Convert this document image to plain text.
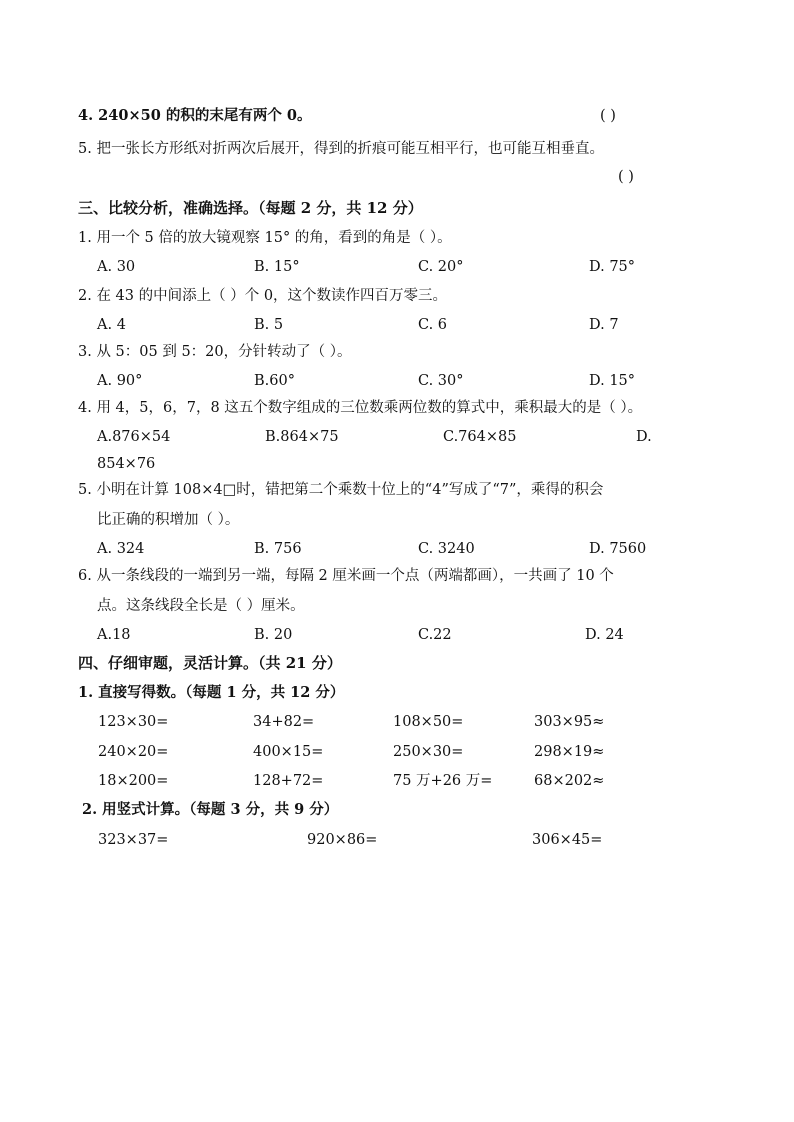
4. 240×50 的积的末尾有两个 0。	( )
5. 把一张长方形纸对折两次后展开，得到的折痕可能互相平行，也可能互相垂直。
( )
三、比较分析，准确选择。（每题 2 分，共 12 分）
1. 用一个 5 倍的放大镜观察 15° 的角，看到的角是（ ）。
A. 30	B. 15°	C. 20°	D. 75°
2. 在 43 的中间添上（ ）个 0，这个数读作四百万零三。
A. 4	B. 5	C. 6	D. 7
3. 从 5：05 到 5：20，分针转动了（ ）。
A. 90°	B.60°	C. 30°	D. 15°
4. 用 4，5，6，7，8 这五个数字组成的三位数乘两位数的算式中，乘积最大的是（ ）。
A.876×54	B.864×75	C.764×85	D.
854×76
5. 小明在计算 108×4□时，错把第二个乘数十位上的“4”写成了“7”，乘得的积会
比正确的积增加（ ）。
A. 324	B. 756	C. 3240	D. 7560
6. 从一条线段的一端到另一端，每隔 2 厘米画一个点（两端都画），一共画了 10 个
点。这条线段全长是（ ）厘米。
A.18	B. 20	C.22	D. 24
四、仔细审题，灵活计算。（共 21 分）
1. 直接写得数。（每题 1 分，共 12 分）
123×30=	34+82=	108×50=	303×95≈
240×20=	400×15=	250×30=	298×19≈
18×200=	128+72=	75 万+26 万=	68×202≈
2. 用竖式计算。（每题 3 分，共 9 分）
323×37=	920×86=	306×45=
